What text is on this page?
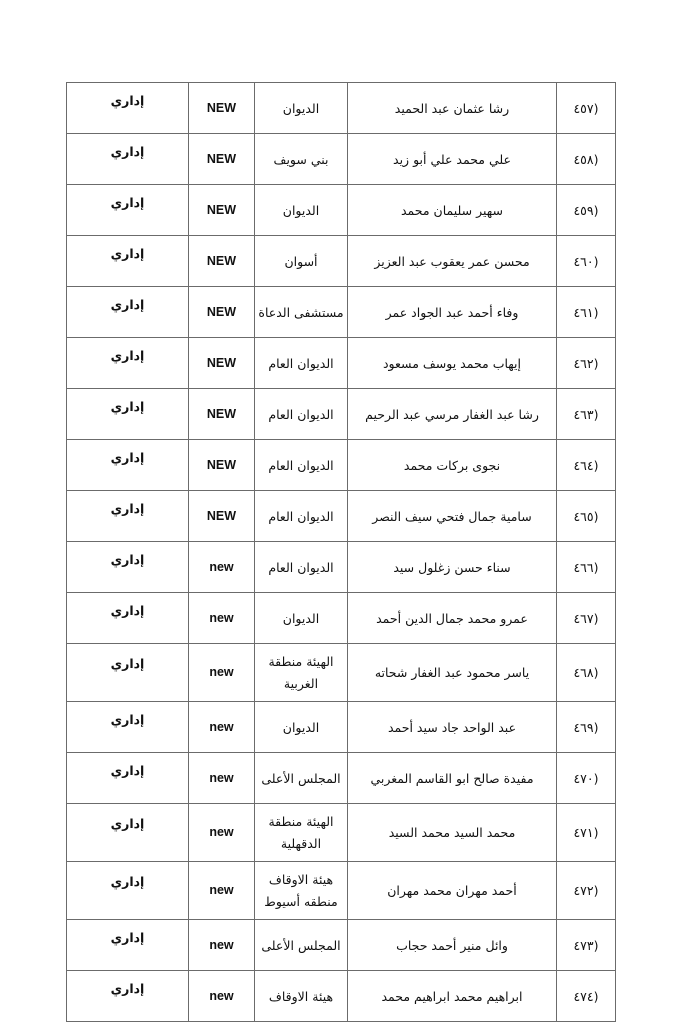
إداري	NEW	الديوان	رشا عثمان عبد الحميد	٤٥٧)
إداري	NEW	بني سويف	علي محمد علي أبو زيد	٤٥٨)
إداري	NEW	الديوان	سهير سليمان محمد	٤٥٩)
إداري	NEW	أسوان	محسن عمر يعقوب عبد العزيز	٤٦٠)
إداري	NEW	مستشفى الدعاة	وفاء أحمد عبد الجواد عمر	٤٦١)
إداري	NEW	الديوان العام	إيهاب محمد يوسف مسعود	٤٦٢)
إداري	NEW	الديوان العام	رشا عبد الغفار مرسي عبد الرحيم	٤٦٣)
إداري	NEW	الديوان العام	نجوى بركات محمد	٤٦٤)
إداري	NEW	الديوان العام	سامية جمال فتحي سيف النصر	٤٦٥)
إداري	new	الديوان العام	سناء حسن زغلول سيد	٤٦٦)
إداري	new	الديوان	عمرو محمد جمال الدين أحمد	٤٦٧)
إداري	new	الهيئة منطقة الغربية	ياسر محمود عبد الغفار شحاته	٤٦٨)
إداري	new	الديوان	عبد الواحد جاد سيد أحمد	٤٦٩)
إداري	new	المجلس الأعلى	مفيدة صالح ابو القاسم المغربي	٤٧٠)
إداري	new	الهيئة منطقة الدقهلية	محمد السيد محمد السيد	٤٧١)
إداري	new	هيئة الاوقاف منطقه أسيوط	أحمد مهران محمد مهران	٤٧٢)
إداري	new	المجلس الأعلى	وائل منير أحمد حجاب	٤٧٣)
إداري	new	هيئة الاوقاف	ابراهيم محمد ابراهيم محمد	٤٧٤)
